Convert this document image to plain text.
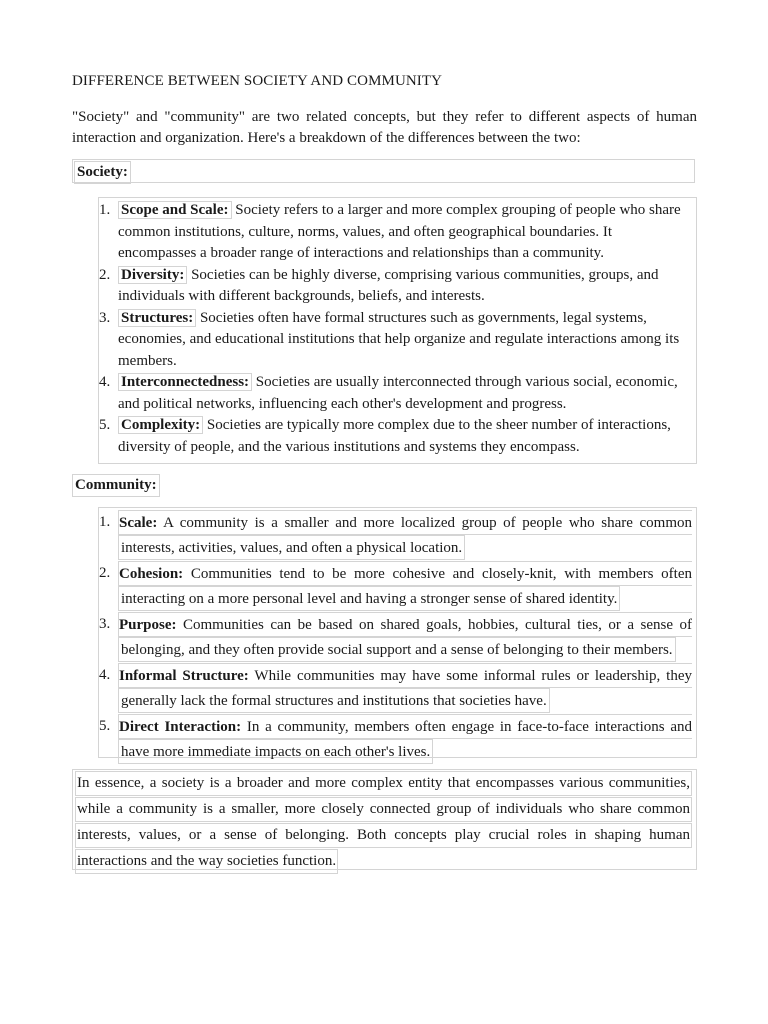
DIFFERENCE BETWEEN SOCIETY AND COMMUNITY
"Society" and "community" are two related concepts, but they refer to different aspects of human interaction and organization. Here's a breakdown of the differences between the two:
Society:
1. Scope and Scale: Society refers to a larger and more complex grouping of people who share common institutions, culture, norms, values, and often geographical boundaries. It encompasses a broader range of interactions and relationships than a community.
2. Diversity: Societies can be highly diverse, comprising various communities, groups, and individuals with different backgrounds, beliefs, and interests.
3. Structures: Societies often have formal structures such as governments, legal systems, economies, and educational institutions that help organize and regulate interactions among its members.
4. Interconnectedness: Societies are usually interconnected through various social, economic, and political networks, influencing each other's development and progress.
5. Complexity: Societies are typically more complex due to the sheer number of interactions, diversity of people, and the various institutions and systems they encompass.
Community:
1. Scale: A community is a smaller and more localized group of people who share common
interests, activities, values, and often a physical location.
2. Cohesion: Communities tend to be more cohesive and closely-knit, with members often
interacting on a more personal level and having a stronger sense of shared identity.
3. Purpose: Communities can be based on shared goals, hobbies, cultural ties, or a sense of
belonging, and they often provide social support and a sense of belonging to their members.
4. Informal Structure: While communities may have some informal rules or leadership, they
generally lack the formal structures and institutions that societies have.
5. Direct Interaction: In a community, members often engage in face-to-face interactions and
have more immediate impacts on each other's lives.
In essence, a society is a broader and more complex entity that encompasses various communities,
while a community is a smaller, more closely connected group of individuals who share common
interests, values, or a sense of belonging. Both concepts play crucial roles in shaping human
interactions and the way societies function.
